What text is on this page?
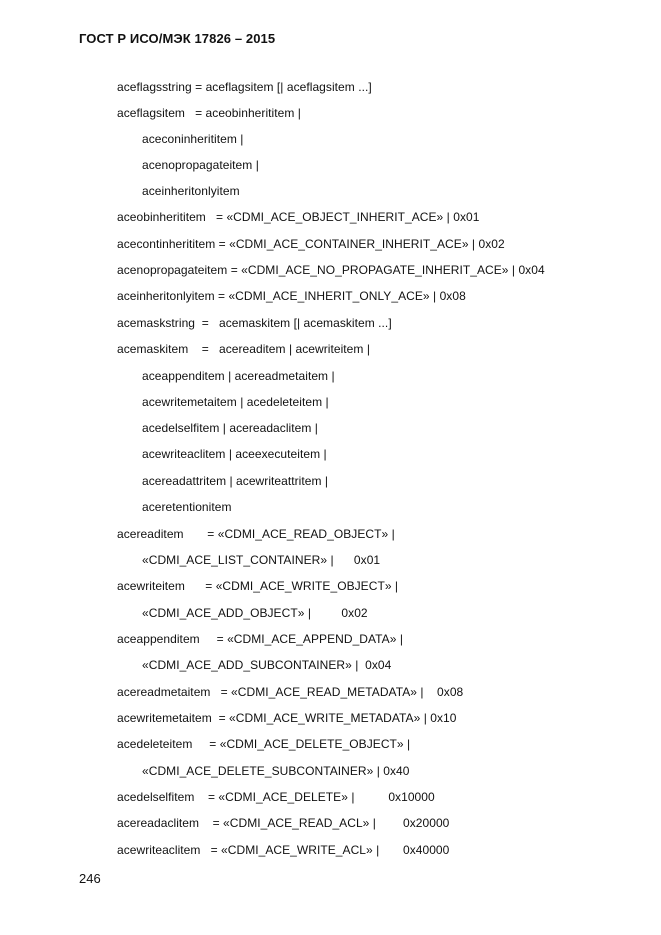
ГОСТ Р ИСО/МЭК 17826 – 2015
aceflagsstring = aceflagsitem [| aceflagsitem ...]
aceflagsitem   = aceobinherititem |
aceconinherititem |
acenopropagateitem |
aceinheritonlyitem
aceobinherititem   = «CDMI_ACE_OBJECT_INHERIT_ACE» | 0x01
acecontinherititem = «CDMI_ACE_CONTAINER_INHERIT_ACE» | 0x02
acenopropagateitem = «CDMI_ACE_NO_PROPAGATE_INHERIT_ACE» | 0x04
aceinheritonlyitem = «CDMI_ACE_INHERIT_ONLY_ACE» | 0x08
acemaskstring  =   acemaskitem [| acemaskitem ...]
acemaskitem    =   acereaditem | acewriteitem |
aceappenditem | acereadmetaitem |
acewritemetaitem | acedeleteitem |
acedelselfitem | acereadaclitem |
acewriteaclitem | aceexecuteitem |
acereadattritem | acewriteattritem |
aceretentionitem
acereaditem       = «CDMI_ACE_READ_OBJECT» |
«CDMI_ACE_LIST_CONTAINER» |      0x01
acewriteitem      = «CDMI_ACE_WRITE_OBJECT» |
«CDMI_ACE_ADD_OBJECT» |         0x02
aceappenditem     = «CDMI_ACE_APPEND_DATA» |
«CDMI_ACE_ADD_SUBCONTAINER» |  0x04
acereadmetaitem   = «CDMI_ACE_READ_METADATA» |    0x08
acewritemetaitem  = «CDMI_ACE_WRITE_METADATA» | 0x10
acedeleteitem     = «CDMI_ACE_DELETE_OBJECT» |
«CDMI_ACE_DELETE_SUBCONTAINER» | 0x40
acedelselfitem    = «CDMI_ACE_DELETE» |          0x10000
acereadaclitem    = «CDMI_ACE_READ_ACL» |        0x20000
acewriteaclitem   = «CDMI_ACE_WRITE_ACL» |       0x40000
246
